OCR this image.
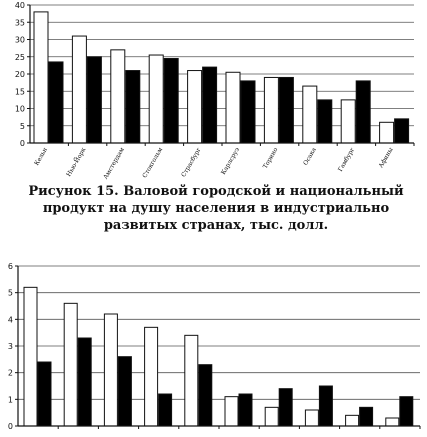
0
5
10
15
20
25
30
35
40
Кельн	Нью-Йорк Амстердам	Стокгольм	Страсбург	Карлсруэ	Торино	Осака	Гамбург	Афины
Рисунок 15. Валовой городской и национальный продукт на душу населения в индустриально развитых странах, тыс. долл.
0
1
2
3
4
5
6
